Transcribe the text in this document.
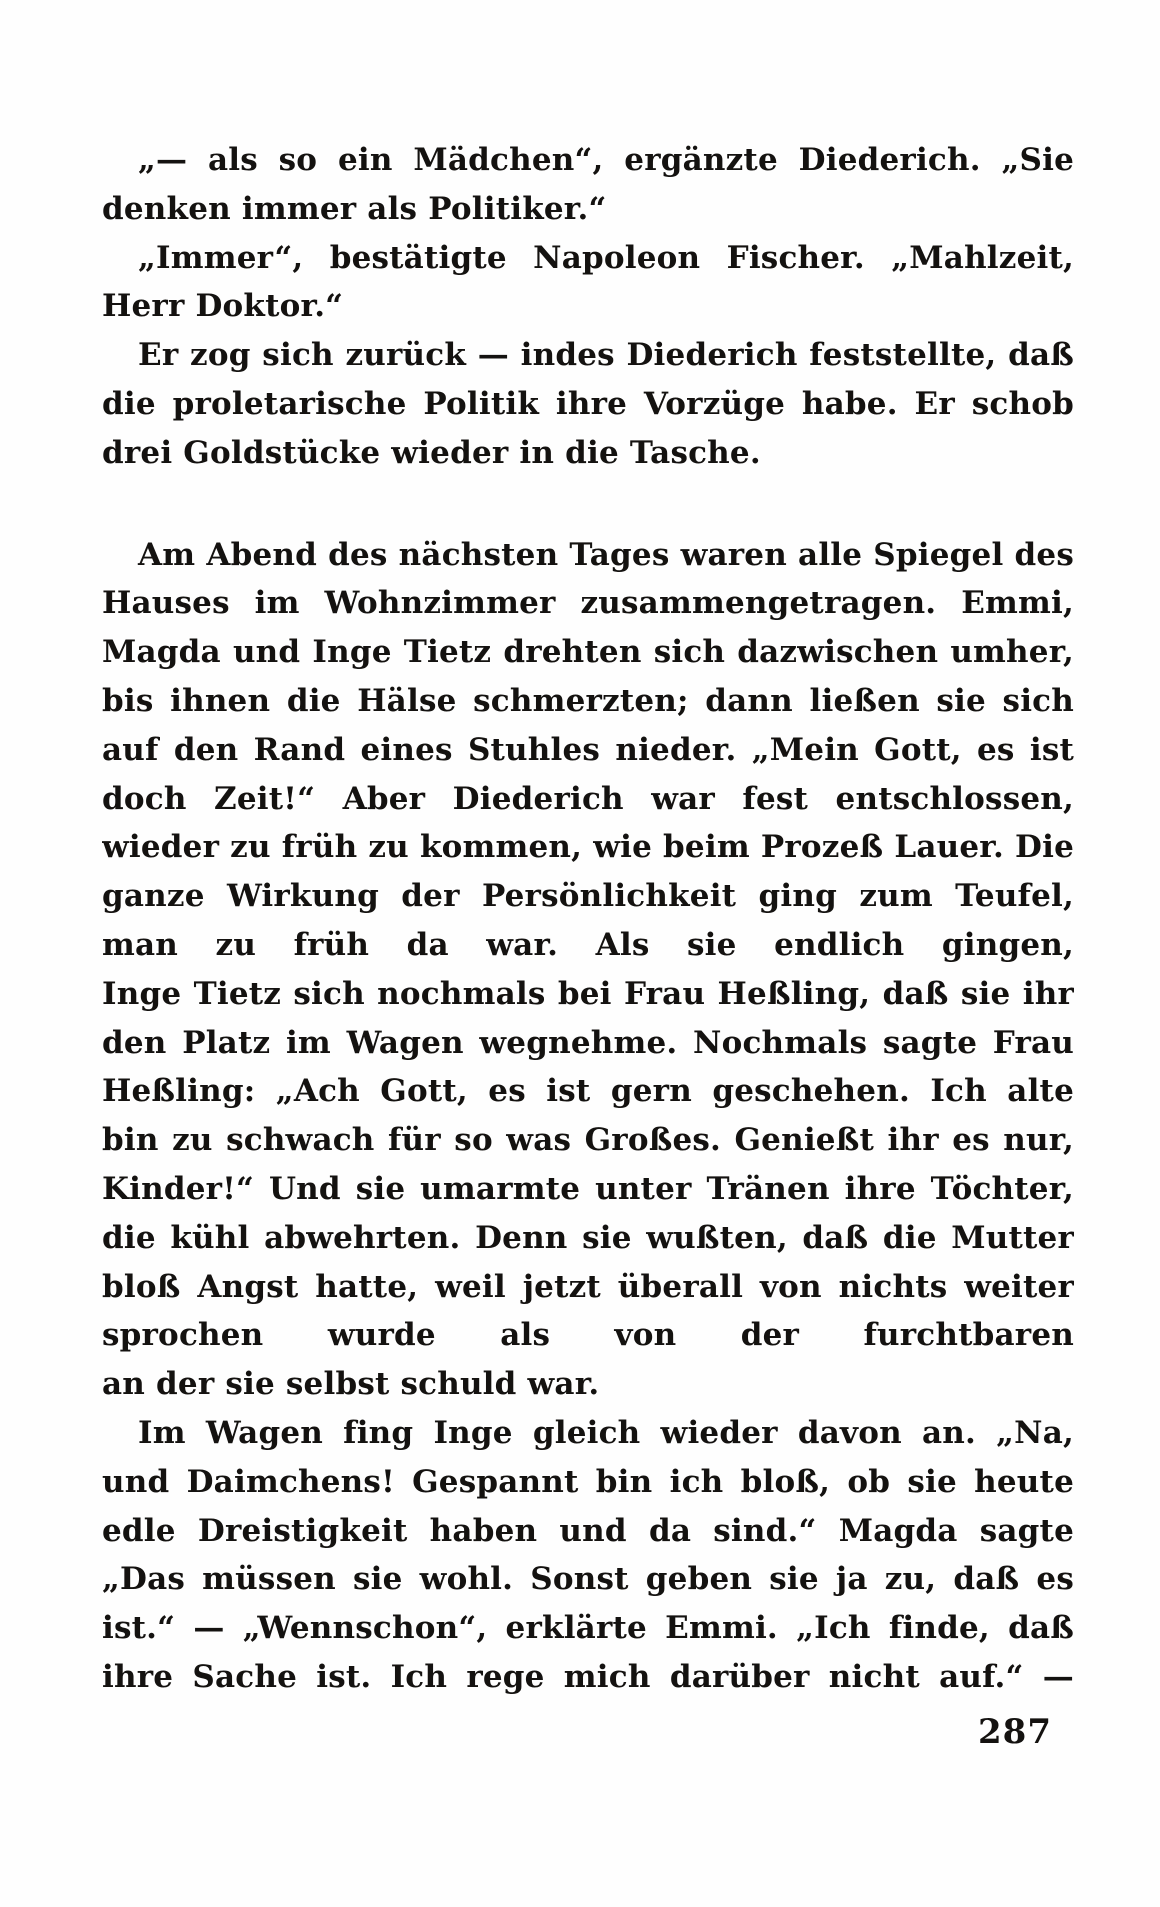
„— als so ein Mädchen“, ergänzte Diederich. „Sie
denken immer als Politiker.“
„Immer“, bestätigte Napoleon Fischer. „Mahlzeit,
Herr Doktor.“
Er zog sich zurück — indes Diederich feststellte, daß
die proletarische Politik ihre Vorzüge habe. Er schob
drei Goldstücke wieder in die Tasche.
Am Abend des nächsten Tages waren alle Spiegel des
Hauses im Wohnzimmer zusammengetragen. Emmi,
Magda und Inge Tietz drehten sich dazwischen umher,
bis ihnen die Hälse schmerzten; dann ließen sie sich
auf den Rand eines Stuhles nieder. „Mein Gott, es ist
doch Zeit!“ Aber Diederich war fest entschlossen,
wieder zu früh zu kommen, wie beim Prozeß Lauer. Die
ganze Wirkung der Persönlichkeit ging zum Teufel,
man zu früh da war. Als sie endlich gingen,
Inge Tietz sich nochmals bei Frau Heßling, daß sie ihr
den Platz im Wagen wegnehme. Nochmals sagte Frau
Heßling: „Ach Gott, es ist gern geschehen. Ich alte
bin zu schwach für so was Großes. Genießt ihr es nur,
Kinder!“ Und sie umarmte unter Tränen ihre Töchter,
die kühl abwehrten. Denn sie wußten, daß die Mutter
bloß Angst hatte, weil jetzt überall von nichts weiter
sprochen wurde als von der furchtbaren
an der sie selbst schuld war.
Im Wagen fing Inge gleich wieder davon an. „Na,
und Daimchens! Gespannt bin ich bloß, ob sie heute
edle Dreistigkeit haben und da sind.“ Magda sagte
„Das müssen sie wohl. Sonst geben sie ja zu, daß es
ist.“ — „Wennschon“, erklärte Emmi. „Ich finde, daß
ihre Sache ist. Ich rege mich darüber nicht auf.“ —
287
